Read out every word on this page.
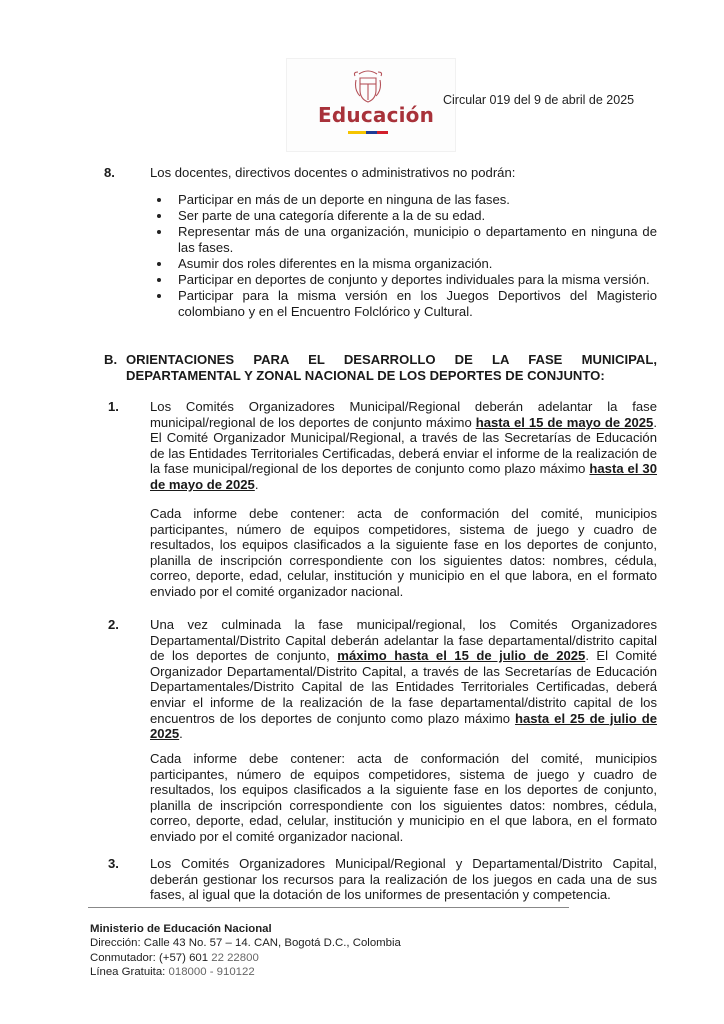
Educación
Circular 019 del 9 de abril de 2025
8.	Los docentes, directivos docentes o administrativos no podrán:
Participar en más de un deporte en ninguna de las fases.
Ser parte de una categoría diferente a la de su edad.
Representar más de una organización, municipio o departamento en ninguna de las fases.
Asumir dos roles diferentes en la misma organización.
Participar en deportes de conjunto y deportes individuales para la misma versión.
Participar para la misma versión en los Juegos Deportivos del Magisterio colombiano y en el Encuentro Folclórico y Cultural.
B. ORIENTACIONES PARA EL DESARROLLO DE LA FASE MUNICIPAL,
DEPARTAMENTAL Y ZONAL NACIONAL DE LOS DEPORTES DE CONJUNTO:
1. Los Comités Organizadores Municipal/Regional deberán adelantar la fase municipal/regional de los deportes de conjunto máximo hasta el 15 de mayo de 2025. El Comité Organizador Municipal/Regional, a través de las Secretarías de Educación de las Entidades Territoriales Certificadas, deberá enviar el informe de la realización de la fase municipal/regional de los deportes de conjunto como plazo máximo hasta el 30 de mayo de 2025.
Cada informe debe contener: acta de conformación del comité, municipios participantes, número de equipos competidores, sistema de juego y cuadro de resultados, los equipos clasificados a la siguiente fase en los deportes de conjunto, planilla de inscripción correspondiente con los siguientes datos: nombres, cédula, correo, deporte, edad, celular, institución y municipio en el que labora, en el formato enviado por el comité organizador nacional.
2. Una vez culminada la fase municipal/regional, los Comités Organizadores Departamental/Distrito Capital deberán adelantar la fase departamental/distrito capital de los deportes de conjunto, máximo hasta el 15 de julio de 2025. El Comité Organizador Departamental/Distrito Capital, a través de las Secretarías de Educación Departamentales/Distrito Capital de las Entidades Territoriales Certificadas, deberá enviar el informe de la realización de la fase departamental/distrito capital de los encuentros de los deportes de conjunto como plazo máximo hasta el 25 de julio de 2025.
Cada informe debe contener: acta de conformación del comité, municipios participantes, número de equipos competidores, sistema de juego y cuadro de resultados, los equipos clasificados a la siguiente fase en los deportes de conjunto, planilla de inscripción correspondiente con los siguientes datos: nombres, cédula, correo, deporte, edad, celular, institución y municipio en el que labora, en el formato enviado por el comité organizador nacional.
3. Los Comités Organizadores Municipal/Regional y Departamental/Distrito Capital, deberán gestionar los recursos para la realización de los juegos en cada una de sus fases, al igual que la dotación de los uniformes de presentación y competencia.
Ministerio de Educación Nacional
Dirección: Calle 43 No. 57 – 14. CAN, Bogotá D.C., Colombia
Conmutador: (+57) 601 22 22800
Línea Gratuita: 018000 - 910122
